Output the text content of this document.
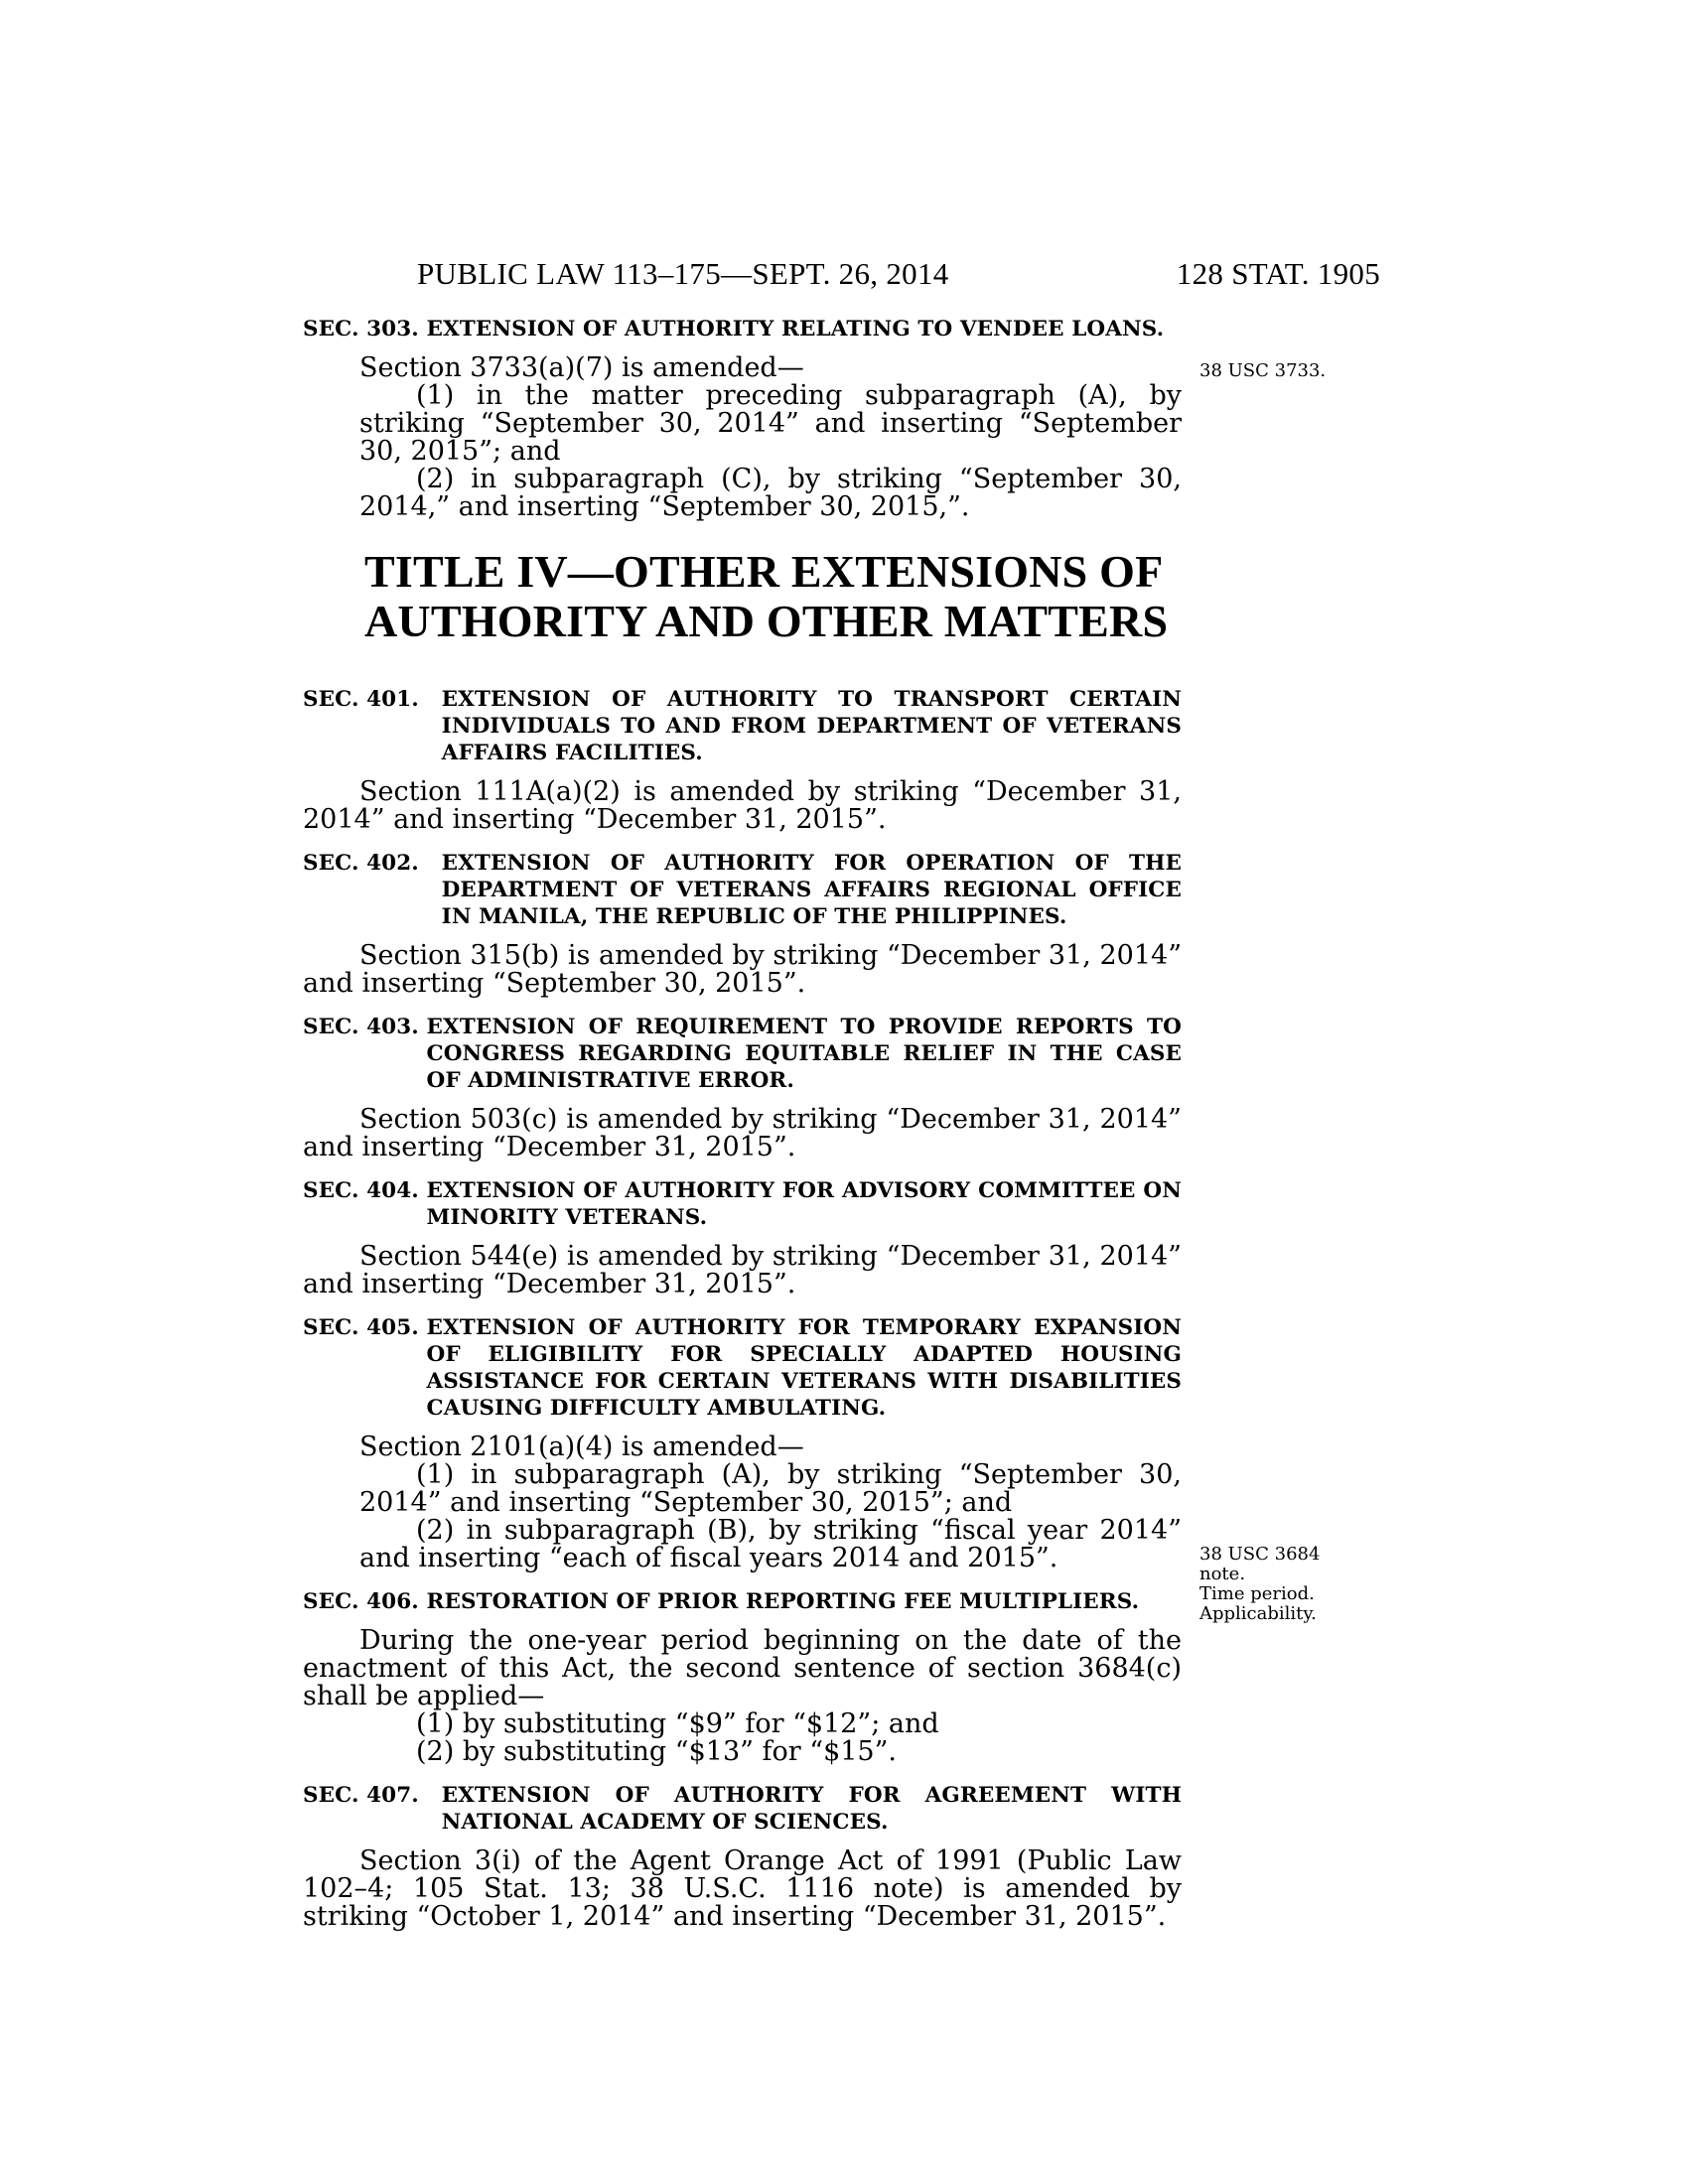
PUBLIC LAW 113–175—SEPT. 26, 2014	128 STAT. 1905
38 USC 3733.
38 USC 3684
note.
Time period.
Applicability.
SEC. 303.
EXTENSION OF AUTHORITY RELATING TO VENDEE LOANS.

Section 3733(a)(7) is amended—

(1) in the matter preceding subparagraph (A), by striking “September 30, 2014” and inserting “September 30, 2015”; and

(2) in subparagraph (C), by striking “September 30, 2014,” and inserting “September 30, 2015,”.

TITLE IV—OTHER EXTENSIONS OF
AUTHORITY AND OTHER MATTERS
SEC. 401.
EXTENSION OF AUTHORITY TO TRANSPORT CERTAIN INDIVIDUALS TO AND FROM DEPARTMENT OF VETERANS AFFAIRS FACILITIES.

Section 111A(a)(2) is amended by striking “December 31, 2014” and inserting “December 31, 2015”.

SEC. 402.
EXTENSION OF AUTHORITY FOR OPERATION OF THE DEPARTMENT OF VETERANS AFFAIRS REGIONAL OFFICE IN MANILA, THE REPUBLIC OF THE PHILIPPINES.

Section 315(b) is amended by striking “December 31, 2014” and inserting “September 30, 2015”.

SEC. 403.
EXTENSION OF REQUIREMENT TO PROVIDE REPORTS TO CONGRESS REGARDING EQUITABLE RELIEF IN THE CASE OF ADMINISTRATIVE ERROR.

Section 503(c) is amended by striking “December 31, 2014” and inserting “December 31, 2015”.

SEC. 404.
EXTENSION OF AUTHORITY FOR ADVISORY COMMITTEE ON MINORITY VETERANS.

Section 544(e) is amended by striking “December 31, 2014” and inserting “December 31, 2015”.

SEC. 405.
EXTENSION OF AUTHORITY FOR TEMPORARY EXPANSION OF ELIGIBILITY FOR SPECIALLY ADAPTED HOUSING ASSISTANCE FOR CERTAIN VETERANS WITH DISABILITIES CAUSING DIFFICULTY AMBULATING.

Section 2101(a)(4) is amended—

(1) in subparagraph (A), by striking “September 30, 2014” and inserting “September 30, 2015”; and

(2) in subparagraph (B), by striking “fiscal year 2014” and inserting “each of fiscal years 2014 and 2015”.

SEC. 406.
RESTORATION OF PRIOR REPORTING FEE MULTIPLIERS.

During the one-year period beginning on the date of the enactment of this Act, the second sentence of section 3684(c) shall be applied—

(1) by substituting “$9” for “$12”; and

(2) by substituting “$13” for “$15”.

SEC. 407.
EXTENSION OF AUTHORITY FOR AGREEMENT WITH NATIONAL ACADEMY OF SCIENCES.

Section 3(i) of the Agent Orange Act of 1991 (Public Law 102–4; 105 Stat. 13; 38 U.S.C. 1116 note) is amended by striking “October 1, 2014” and inserting “December 31, 2015”.
